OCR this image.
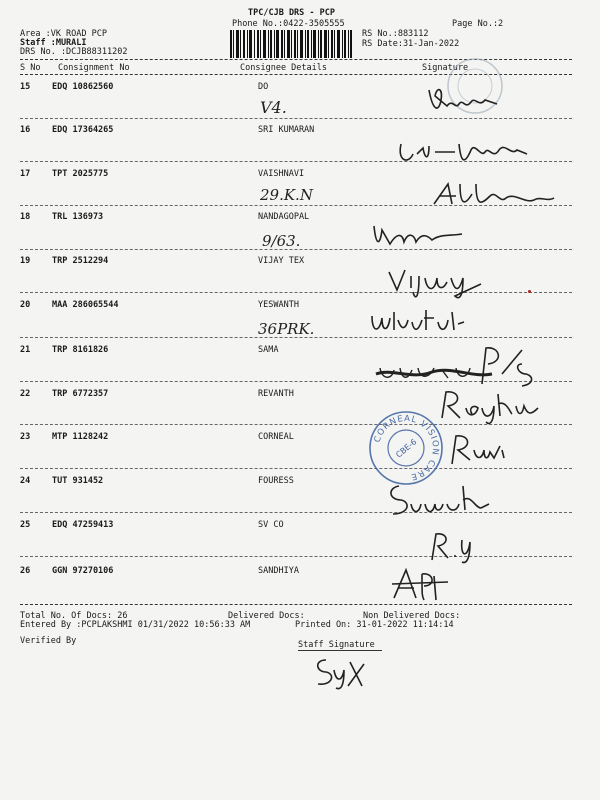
TPC/CJB DRS - PCP
Phone No.:0422-3505555	Page No.:2
Area :VK ROAD PCP
Staff :MURALI
DRS No. :DCJB88311202
RS No.:883112
RS Date:31-Jan-2022
S No Consignment No	Consignee Details	Signature
15	EDQ 10862560	DO
V4.
16	EDQ 17364265	SRI KUMARAN
17	TPT 2025775	VAISHNAVI
29.K.N
18	TRL 136973	NANDAGOPAL
9/63.
19	TRP 2512294	VIJAY TEX
20	MAA 286065544	YESWANTH
36PRK.
21	TRP 8161826	SAMA
22	TRP 6772357	REVANTH
23	MTP 1128242	CORNEAL
24	TUT 931452	FOURESS
25	EDQ 47259413	SV CO
26	GGN 97270106	SANDHIYA
CORNEAL VISION CARE
CBE-6
Total No. Of Docs: 26	Delivered Docs:	Non Delivered Docs:
Entered By :PCPLAKSHMI 01/31/2022 10:56:33 AM	Printed On: 31-01-2022 11:14:14
Verified By	Staff Signature
